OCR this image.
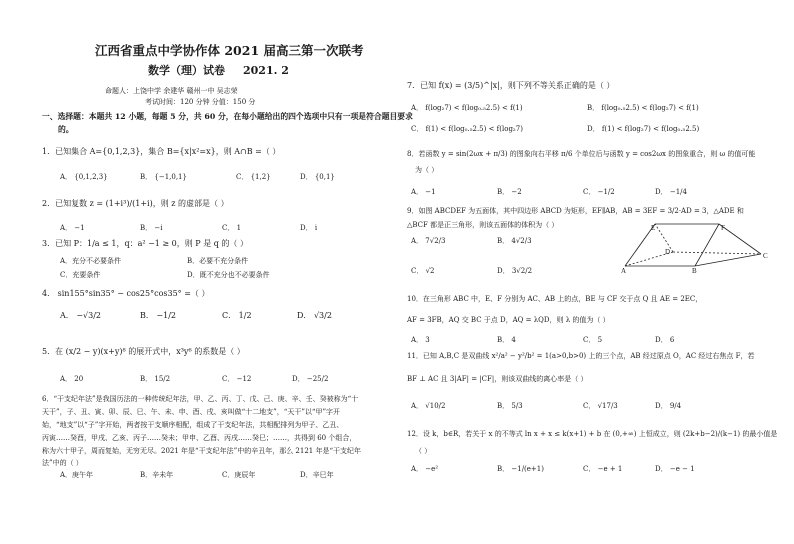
江西省重点中学协作体 2021 届高三第一次联考
数学（理）试卷 2021. 2
命题人：上饶中学 余建华 赣州一中 吴志荣
考试时间：120 分钟 分值：150 分
一、选择题：本题共 12 小题，每题 5 分，共 60 分，在每小题给出的四个选项中只有一项是符合题目要求
的。
1．已知集合 A={0,1,2,3}，集合 B={x|x²=x}，则 A∩B =（ ）
A． {0,1,2,3}	B． {−1,0,1}	C． {1,2}	D． {0,1}
2．已知复数 z = (1+i³)/(1+i)，则 z 的虚部是（ ）
A． −1	B． −i	C． 1	D． i
3．已知 P：1/a ≤ 1，q：a² −1 ≥ 0，则 P 是 q 的（ ）
A．充分不必要条件	B．必要不充分条件
C．充要条件	D．既不充分也不必要条件
4． sin155°sin35° − cos25°cos35° =（ ）
A． −√3/2	B． −1/2	C． 1/2	D． √3/2
5．在 (x/2 − y)(x+y)⁸ 的展开式中，x³y⁶ 的系数是（ ）
A． 20	B． 15/2	C． −12	D． −25/2
6．“干支纪年法”是我国历法的一种传统纪年法，甲、乙、丙、丁、戊、己、庚、辛、壬、癸被称为“十
天干”，子、丑、寅、卯、辰、巳、午、未、申、酉、戌、亥叫做“十二地支”，“天干”以“甲”字开
始，“地支”以“子”字开始，两者按干支顺序相配，组成了干支纪年法，共相配排列为甲子、乙丑、
丙寅……癸酉，甲戌、乙亥、丙子……癸未；甲申、乙酉、丙戌……癸巳；……，共得到 60 个组合，
称为六十甲子，周而复始，无穷无尽。2021 年是“干支纪年法”中的辛丑年，那么 2121 年是“干支纪年
法”中的（ ）
A．庚午年	B．辛未年	C．庚辰年	D．辛巳年
7．已知 f(x) = (3/5)^|x|，则下列不等关系正确的是（ ）
A． f(log₂7) < f(log₀.₅2.5) < f(1)	B． f(log₀.₅2.5) < f(log₂7) < f(1)
C． f(1) < f(log₀.₅2.5) < f(log₂7)	D． f(1) < f(log₂7) < f(log₀.₅2.5)
8．若函数 y = sin(2ωx + π/3) 的图象向右平移 π/6 个单位后与函数 y = cos2ωx 的图象重合，则 ω 的值可能
为（ ）
A． −1	B． −2	C． −1/2	D． −1/4
9．如图 ABCDEF 为五面体，其中四边形 ABCD 为矩形，EF∥AB，AB = 3EF = 3/2·AD = 3，△ADE 和
△BCF 都是正三角形，则该五面体的体积为（ ）
A． 7√2/3	B． 4√2/3
C． √2	D． 3√2/2	A	B
C
D
E	F
10．在三角形 ABC 中，E、F 分别为 AC、AB 上的点，BE 与 CF 交于点 Q 且 AE = 2EC，
AF = 3FB，AQ 交 BC 于点 D，AQ = λQD，则 λ 的值为（ ）
A． 3	B． 4	C． 5	D． 6
11．已知 A,B,C 是双曲线 x²/a² − y²/b² = 1(a>0,b>0) 上的三个点，AB 经过原点 O，AC 经过右焦点 F，若
BF ⊥ AC 且 3|AF| = |CF|，则该双曲线的离心率是（ ）
A． √10/2	B． 5/3	C． √17/3	D． 9/4
12．设 k，b∈R，若关于 x 的不等式 ln x + x ≤ k(x+1) + b 在 (0,+∞) 上恒成立，则 (2k+b−2)/(k−1) 的最小值是
（ ）
A． −e²	B． −1/(e+1)	C． −e + 1	D． −e − 1
